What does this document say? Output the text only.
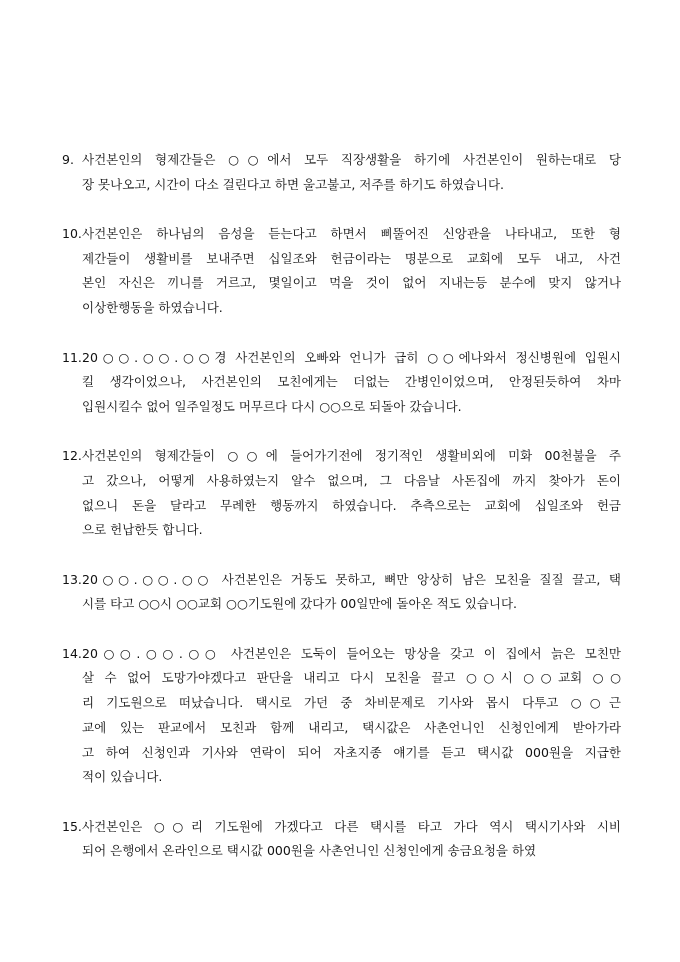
9. 사건본인의 형제간들은 ○○에서 모두 직장생활을 하기에 사건본인이 원하는대로 당
장 못나오고, 시간이 다소 걸린다고 하면 울고불고, 저주를 하기도 하였습니다.
10. 사건본인은 하나님의 음성을 듣는다고 하면서 삐뚤어진 신앙관을 나타내고, 또한 형
제간들이 생활비를 보내주면 십일조와 헌금이라는 명분으로 교회에 모두 내고, 사건
본인 자신은 끼니를 거르고, 몇일이고 먹을 것이 없어 지내는등 분수에 맞지 않거나
이상한행동을 하였습니다.
11. 20○○.○○.○○경 사건본인의 오빠와 언니가 급히 ○○에나와서 정신병원에 입원시
킬 생각이었으나, 사건본인의 모친에게는 더없는 간병인이었으며, 안정된듯하여 차마
입원시킬수 없어 일주일정도 머무르다 다시 ○○으로 되돌아 갔습니다.
12. 사건본인의 형제간들이 ○○에 들어가기전에 정기적인 생활비외에 미화 00천불을 주
고 갔으나, 어떻게 사용하였는지 알수 없으며, 그 다음날 사돈집에 까지 찾아가 돈이
없으니 돈을 달라고 무례한 행동까지 하였습니다. 추측으로는 교회에 십일조와 헌금
으로 헌납한듯 합니다.
13. 20○○.○○.○○ 사건본인은 거동도 못하고, 뼈만 앙상히 남은 모친을 질질 끌고, 택
시를 타고 ○○시 ○○교회 ○○기도원에 갔다가 00일만에 돌아온 적도 있습니다.
14. 20○○.○○.○○ 사건본인은 도둑이 들어오는 망상을 갖고 이 집에서 늙은 모친만
살 수 없어 도망가야겠다고 판단을 내리고 다시 모친을 끌고 ○○시 ○○교회 ○○
리 기도원으로 떠났습니다. 택시로 가던 중 차비문제로 기사와 몹시 다투고 ○○근
교에 있는 판교에서 모친과 함께 내리고, 택시값은 사촌언니인 신청인에게 받아가라
고 하여 신청인과 기사와 연락이 되어 자초지종 얘기를 듣고 택시값 000원을 지급한
적이 있습니다.
15. 사건본인은 ○○리 기도원에 가겠다고 다른 택시를 타고 가다 역시 택시기사와 시비
되어 은행에서 온라인으로 택시값 000원을 사촌언니인 신청인에게 송금요청을 하였
